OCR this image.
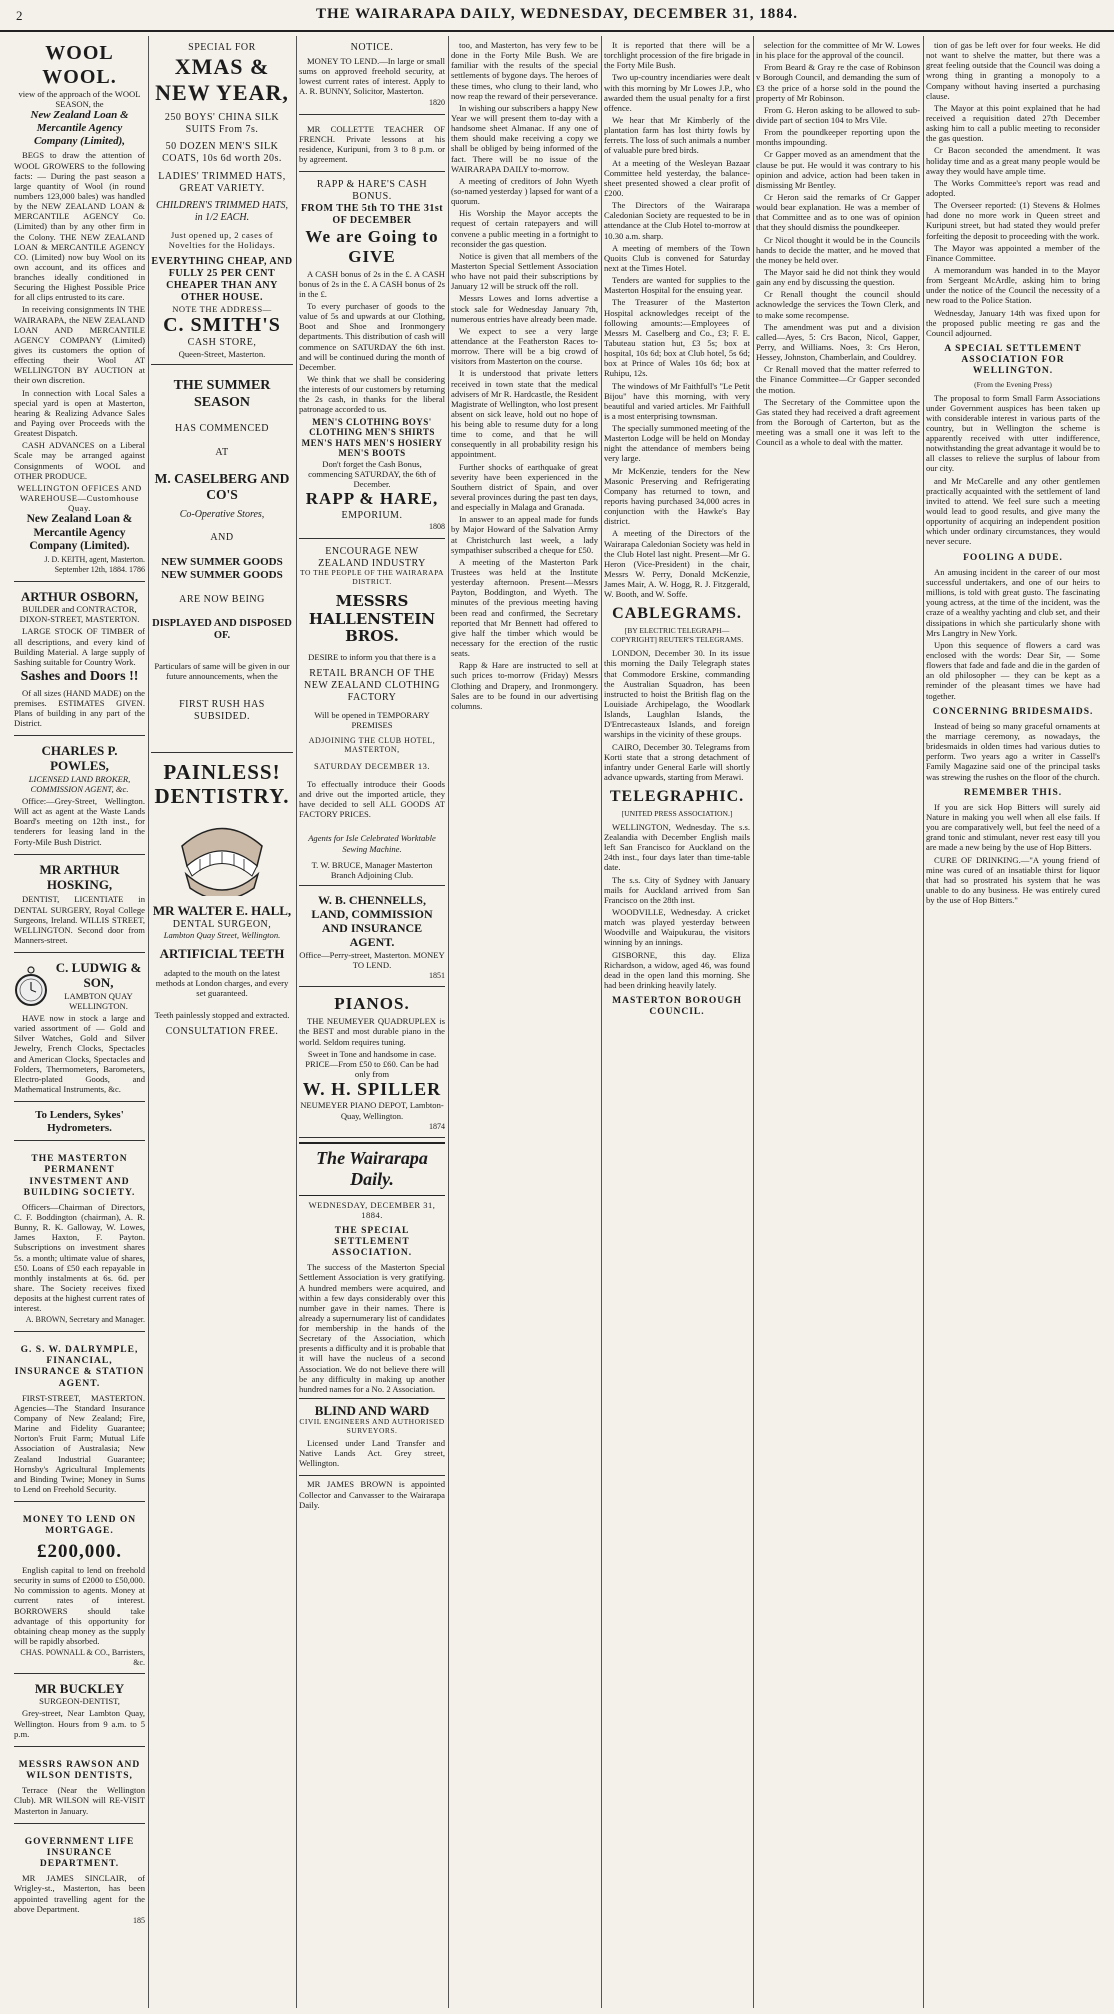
2	THE WAIRARAPA DAILY, WEDNESDAY, DECEMBER 31, 1884.
WOOL WOOL.
view of the approach of the WOOL SEASON, the
New Zealand Loan & Mercantile Agency Company (Limited),
BEGS to draw the attention of WOOL GROWERS to the following facts: — During the past season a large quantity of Wool (in round numbers 123,000 bales) was handled by the NEW ZEALAND LOAN & MERCANTILE AGENCY Co. (Limited) than by any other firm in the Colony. THE NEW ZEALAND LOAN & MERCANTILE AGENCY CO. (Limited) now buy Wool on its own account, and its offices and branches ideally conditioned in Securing the Highest Possible Price for all clips entrusted to its care.
In receiving consignments IN THE WAIRARAPA, the NEW ZEALAND LOAN AND MERCANTILE AGENCY COMPANY (Limited) gives its customers the option of effecting their Wool AT WELLINGTON BY AUCTION at their own discretion.
In connection with Local Sales a special yard is open at Masterton, hearing & Realizing Advance Sales and Paying over Proceeds with the Greatest Dispatch.
CASH ADVANCES on a Liberal Scale may be arranged against Consignments of WOOL and OTHER PRODUCE.
WELLINGTON OFFICES AND WAREHOUSE—Customhouse Quay.
New Zealand Loan & Mercantile Agency Company (Limited).
J. D. KEITH, agent, Masterton.
September 12th, 1884. 1786
ARTHUR OSBORN,
BUILDER and CONTRACTOR, DIXON-STREET, MASTERTON.
LARGE STOCK OF TIMBER of all descriptions, and every kind of Building Material. A large supply of Sashing suitable for Country Work.
Sashes and Doors !!
Of all sizes (HAND MADE) on the premises. ESTIMATES GIVEN. Plans of building in any part of the District.
CHARLES P. POWLES,
LICENSED LAND BROKER, COMMISSION AGENT, &c.
Office:—Grey-Street, Wellington. Will act as agent at the Waste Lands Board's meeting on 12th inst., for tenderers for leasing land in the Forty-Mile Bush District.
MR ARTHUR HOSKING,
DENTIST, LICENTIATE in DENTAL SURGERY, Royal College Surgeons, Ireland. WILLIS STREET, WELLINGTON. Second door from Manners-street.
C. LUDWIG & SON,
LAMBTON QUAY WELLINGTON.
HAVE now in stock a large and varied assortment of — Gold and Silver Watches, Gold and Silver Jewelry, French Clocks, Spectacles and American Clocks, Spectacles and Folders, Thermometers, Barometers, Electro-plated Goods, and Mathematical Instruments, &c.
To Lenders, Sykes' Hydrometers.
THE MASTERTON PERMANENT INVESTMENT AND BUILDING SOCIETY.
Officers—Chairman of Directors, C. F. Boddington (chairman), A. R. Bunny, R. K. Galloway, W. Lowes, James Haxton, F. Payton. Subscriptions on investment shares 5s. a month; ultimate value of shares, £50. Loans of £50 each repayable in monthly instalments at 6s. 6d. per share. The Society receives fixed deposits at the highest current rates of interest.
A. BROWN, Secretary and Manager.
G. S. W. DALRYMPLE, FINANCIAL, INSURANCE & STATION AGENT.
FIRST-STREET, MASTERTON. Agencies—The Standard Insurance Company of New Zealand; Fire, Marine and Fidelity Guarantee; Norton's Fruit Farm; Mutual Life Association of Australasia; New Zealand Industrial Guarantee; Hornsby's Agricultural Implements and Binding Twine; Money in Sums to Lend on Freehold Security.
MONEY TO LEND ON MORTGAGE.
£200,000.
English capital to lend on freehold security in sums of £2000 to £50,000. No commission to agents. Money at current rates of interest. BORROWERS should take advantage of this opportunity for obtaining cheap money as the supply will be rapidly absorbed.
CHAS. POWNALL & CO., Barristers, &c.
MR BUCKLEY
SURGEON-DENTIST,
Grey-street, Near Lambton Quay, Wellington. Hours from 9 a.m. to 5 p.m.
MESSRS RAWSON AND WILSON DENTISTS,
Terrace (Near the Wellington Club). MR WILSON will RE-VISIT Masterton in January.
GOVERNMENT LIFE INSURANCE DEPARTMENT.
MR JAMES SINCLAIR, of Wrigley-st., Masterton, has been appointed travelling agent for the above Department.
185
SPECIAL FOR
XMAS & NEW YEAR,
250 BOYS' CHINA SILK SUITS From 7s.
50 DOZEN MEN'S SILK COATS, 10s 6d worth 20s.
LADIES' TRIMMED HATS, GREAT VARIETY.
CHILDREN'S TRIMMED HATS, in 1/2 EACH.
Just opened up, 2 cases of Novelties for the Holidays.
EVERYTHING CHEAP, AND FULLY 25 PER CENT CHEAPER THAN ANY OTHER HOUSE.
NOTE THE ADDRESS—
C. SMITH'S
CASH STORE,
Queen-Street, Masterton.
THE SUMMER SEASON
HAS COMMENCED
AT
M. CASELBERG AND CO'S
Co-Operative Stores,
AND
NEW SUMMER GOODS NEW SUMMER GOODS
ARE NOW BEING
DISPLAYED AND DISPOSED OF.
Particulars of same will be given in our future announcements, when the
FIRST RUSH HAS SUBSIDED.
PAINLESS! DENTISTRY.
MR WALTER E. HALL,
DENTAL SURGEON,
Lambton Quay Street, Wellington.
ARTIFICIAL TEETH
adapted to the mouth on the latest methods at London charges, and every set guaranteed.
Teeth painlessly stopped and extracted.
CONSULTATION FREE.
NOTICE.
MONEY TO LEND.—In large or small sums on approved freehold security, at lowest current rates of interest. Apply to A. R. BUNNY, Solicitor, Masterton.
1820
MR COLLETTE TEACHER OF FRENCH. Private lessons at his residence, Kuripuni, from 3 to 8 p.m. or by agreement.
RAPP & HARE'S CASH BONUS.
FROM THE 5th TO THE 31st OF DECEMBER
We are Going to GIVE
A CASH bonus of 2s in the £. A CASH bonus of 2s in the £. A CASH bonus of 2s in the £.
To every purchaser of goods to the value of 5s and upwards at our Clothing, Boot and Shoe and Ironmongery departments. This distribution of cash will commence on SATURDAY the 6th inst. and will be continued during the month of December.
We think that we shall be considering the interests of our customers by returning the 2s cash, in thanks for the liberal patronage accorded to us.
MEN'S CLOTHING BOYS' CLOTHING MEN'S SHIRTS MEN'S HATS MEN'S HOSIERY MEN'S BOOTS
Don't forget the Cash Bonus, commencing SATURDAY, the 6th of December.
RAPP & HARE,
EMPORIUM.
1808
ENCOURAGE NEW ZEALAND INDUSTRY
TO THE PEOPLE OF THE WAIRARAPA DISTRICT.
MESSRS HALLENSTEIN BROS.
DESIRE to inform you that there is a
RETAIL BRANCH OF THE NEW ZEALAND CLOTHING FACTORY
Will be opened in TEMPORARY PREMISES
ADJOINING THE CLUB HOTEL, MASTERTON,
SATURDAY DECEMBER 13.
To effectually introduce their Goods and drive out the imported article, they have decided to sell ALL GOODS AT FACTORY PRICES.
Agents for Isle Celebrated Worktable Sewing Machine.
T. W. BRUCE, Manager Masterton Branch Adjoining Club.
W. B. CHENNELLS, LAND, COMMISSION AND INSURANCE AGENT.
Office—Perry-street, Masterton. MONEY TO LEND.
1851
PIANOS.
THE NEUMEYER QUADRUPLEX is the BEST and most durable piano in the world. Seldom requires tuning.
Sweet in Tone and handsome in case.
PRICE—From £50 to £60. Can be had only from
W. H. SPILLER
NEUMEYER PIANO DEPOT, Lambton-Quay, Wellington.
1874
The Wairarapa Daily.
WEDNESDAY, DECEMBER 31, 1884.
THE SPECIAL SETTLEMENT ASSOCIATION.
The success of the Masterton Special Settlement Association is very gratifying. A hundred members were acquired, and within a few days considerably over this number gave in their names. There is already a supernumerary list of candidates for membership in the hands of the Secretary of the Association, which presents a difficulty and it is probable that it will have the nucleus of a second Association. We do not believe there will be any difficulty in making up another hundred names for a No. 2 Association.
BLIND AND WARD
CIVIL ENGINEERS AND AUTHORISED SURVEYORS.
Licensed under Land Transfer and Native Lands Act. Grey street, Wellington.
MR JAMES BROWN is appointed Collector and Canvasser to the Wairarapa Daily.
too, and Masterton, has very few to be done in the Forty Mile Bush. We are familiar with the results of the special settlements of bygone days. The heroes of these times, who clung to their land, who now reap the reward of their perseverance.
In wishing our subscribers a happy New Year we will present them to-day with a handsome sheet Almanac. If any one of them should make receiving a copy we shall be obliged by being informed of the fact. There will be no issue of the WAIRARAPA DAILY to-morrow.
A meeting of creditors of John Wyeth (so-named yesterday ) lapsed for want of a quorum.
His Worship the Mayor accepts the request of certain ratepayers and will convene a public meeting in a fortnight to reconsider the gas question.
Notice is given that all members of the Masterton Special Settlement Association who have not paid their subscriptions by January 12 will be struck off the roll.
Messrs Lowes and Iorns advertise a stock sale for Wednesday January 7th, numerous entries have already been made.
We expect to see a very large attendance at the Featherston Races to-morrow. There will be a big crowd of visitors from Masterton on the course.
It is understood that private letters received in town state that the medical advisers of Mr R. Hardcastle, the Resident Magistrate of Wellington, who lost present absent on sick leave, hold out no hope of his being able to resume duty for a long time to come, and that he will consequently in all probability resign his appointment.
Further shocks of earthquake of great severity have been experienced in the Southern district of Spain, and over several provinces during the past ten days, and especially in Malaga and Granada.
In answer to an appeal made for funds by Major Howard of the Salvation Army at Christchurch last week, a lady sympathiser subscribed a cheque for £50.
A meeting of the Masterton Park Trustees was held at the Institute yesterday afternoon. Present—Messrs Payton, Boddington, and Wyeth. The minutes of the previous meeting having been read and confirmed, the Secretary reported that Mr Bennett had offered to give half the timber which would be necessary for the erection of the rustic seats.
Rapp & Hare are instructed to sell at such prices to-morrow (Friday) Messrs Clothing and Drapery, and Ironmongery. Sales are to be found in our advertising columns.
It is reported that there will be a torchlight procession of the fire brigade in the Forty Mile Bush.
Two up-country incendiaries were dealt with this morning by Mr Lowes J.P., who awarded them the usual penalty for a first offence.
We hear that Mr Kimberly of the plantation farm has lost thirty fowls by ferrets. The loss of such animals a number of valuable pure bred birds.
At a meeting of the Wesleyan Bazaar Committee held yesterday, the balance-sheet presented showed a clear profit of £200.
The Directors of the Wairarapa Caledonian Society are requested to be in attendance at the Club Hotel to-morrow at 10.30 a.m. sharp.
A meeting of members of the Town Quoits Club is convened for Saturday next at the Times Hotel.
Tenders are wanted for supplies to the Masterton Hospital for the ensuing year.
The Treasurer of the Masterton Hospital acknowledges receipt of the following amounts:—Employees of Messrs M. Caselberg and Co., £3; F. E. Tabuteau station hut, £3 5s; box at hospital, 10s 6d; box at Club hotel, 5s 6d; box at Prince of Wales 10s 6d; box at Ruhipu, 12s.
The windows of Mr Faithfull's "Le Petit Bijou" have this morning, with very beautiful and varied articles. Mr Faithfull is a most enterprising townsman.
The specially summoned meeting of the Masterton Lodge will be held on Monday night the attendance of members being very large.
Mr McKenzie, tenders for the New Masonic Preserving and Refrigerating Company has returned to town, and reports having purchased 34,000 acres in conjunction with the Hawke's Bay district.
A meeting of the Directors of the Wairarapa Caledonian Society was held in the Club Hotel last night. Present—Mr G. Heron (Vice-President) in the chair, Messrs W. Perry, Donald McKenzie, James Mair, A. W. Hogg, R. J. Fitzgerald, W. Booth, and W. Soffe.
CABLEGRAMS.
[BY ELECTRIC TELEGRAPH—COPYRIGHT] REUTER'S TELEGRAMS.
LONDON, December 30. In its issue this morning the Daily Telegraph states that Commodore Erskine, commanding the Australian Squadron, has been instructed to hoist the British flag on the Louisiade Archipelago, the Woodlark Islands, Laughlan Islands, the D'Entrecasteaux Islands, and foreign warships in the vicinity of these groups.
CAIRO, December 30. Telegrams from Korti state that a strong detachment of infantry under General Earle will shortly advance upwards, starting from Merawi.
TELEGRAPHIC.
[UNITED PRESS ASSOCIATION.]
WELLINGTON, Wednesday. The s.s. Zealandia with December English mails left San Francisco for Auckland on the 24th inst., four days later than time-table date.
The s.s. City of Sydney with January mails for Auckland arrived from San Francisco on the 28th inst.
WOODVILLE, Wednesday. A cricket match was played yesterday between Woodville and Waipukurau, the visitors winning by an innings.
GISBORNE, this day. Eliza Richardson, a widow, aged 46, was found dead in the open land this morning. She had been drinking heavily lately.
MASTERTON BOROUGH COUNCIL.
selection for the committee of Mr W. Lowes in his place for the approval of the council.
From Beard & Gray re the case of Robinson v Borough Council, and demanding the sum of £3 the price of a horse sold in the pound the property of Mr Robinson.
From G. Heron asking to be allowed to sub-divide part of section 104 to Mrs Vile.
From the poundkeeper reporting upon the months impounding.
Cr Gapper moved as an amendment that the clause be put. He would it was contrary to his opinion and advice, action had been taken in dismissing Mr Bentley.
Cr Heron said the remarks of Cr Gapper would bear explanation. He was a member of that Committee and as to one was of opinion that they should dismiss the poundkeeper.
Cr Nicol thought it would be in the Councils hands to decide the matter, and he moved that the money be held over.
The Mayor said he did not think they would gain any end by discussing the question.
Cr Renall thought the council should acknowledge the services the Town Clerk, and to make some recompense.
The amendment was put and a division called—Ayes, 5: Crs Bacon, Nicol, Gapper, Perry, and Williams. Noes, 3: Crs Heron, Hessey, Johnston, Chamberlain, and Couldrey.
Cr Renall moved that the matter referred to the Finance Committee—Cr Gapper seconded the motion.
The Secretary of the Committee upon the Gas stated they had received a draft agreement from the Borough of Carterton, but as the meeting was a small one it was left to the Council as a whole to deal with the matter.
tion of gas be left over for four weeks. He did not want to shelve the matter, but there was a great feeling outside that the Council was doing a wrong thing in granting a monopoly to a Company without having inserted a purchasing clause.
The Mayor at this point explained that he had received a requisition dated 27th December asking him to call a public meeting to reconsider the gas question.
Cr Bacon seconded the amendment. It was holiday time and as a great many people would be away they would have ample time.
The Works Committee's report was read and adopted.
The Overseer reported: (1) Stevens & Holmes had done no more work in Queen street and Kuripuni street, but had stated they would prefer forfeiting the deposit to proceeding with the work.
The Mayor was appointed a member of the Finance Committee.
A memorandum was handed in to the Mayor from Sergeant McArdle, asking him to bring under the notice of the Council the necessity of a new road to the Police Station.
Wednesday, January 14th was fixed upon for the proposed public meeting re gas and the Council adjourned.
A SPECIAL SETTLEMENT ASSOCIATION FOR WELLINGTON.
(From the Evening Press)
The proposal to form Small Farm Associations under Government auspices has been taken up with considerable interest in various parts of the country, but in Wellington the scheme is apparently received with utter indifference, notwithstanding the great advantage it would be to all classes to relieve the surplus of labour from our city.
and Mr McCarelle and any other gentlemen practically acquainted with the settlement of land invited to attend. We feel sure such a meeting would lead to good results, and give many the opportunity of acquiring an independent position which under ordinary circumstances, they would never secure.
FOOLING A DUDE.
An amusing incident in the career of our most successful undertakers, and one of our heirs to millions, is told with great gusto. The fascinating young actress, at the time of the incident, was the craze of a wealthy yachting and club set, and their dissipations in which she particularly shone with Mrs Langtry in New York.
Upon this sequence of flowers a card was enclosed with the words: Dear Sir, — Some flowers that fade and fade and die in the garden of an old philosopher — they can be kept as a reminder of the pleasant times we have had together.
CONCERNING BRIDESMAIDS.
Instead of being so many graceful ornaments at the marriage ceremony, as nowadays, the bridesmaids in olden times had various duties to perform. Two years ago a writer in Cassell's Family Magazine said one of the principal tasks was strewing the rushes on the floor of the church.
REMEMBER THIS.
If you are sick Hop Bitters will surely aid Nature in making you well when all else fails. If you are comparatively well, but feel the need of a grand tonic and stimulant, never rest easy till you are made a new being by the use of Hop Bitters.
CURE OF DRINKING.—"A young friend of mine was cured of an insatiable thirst for liquor that had so prostrated his system that he was unable to do any business. He was entirely cured by the use of Hop Bitters."
